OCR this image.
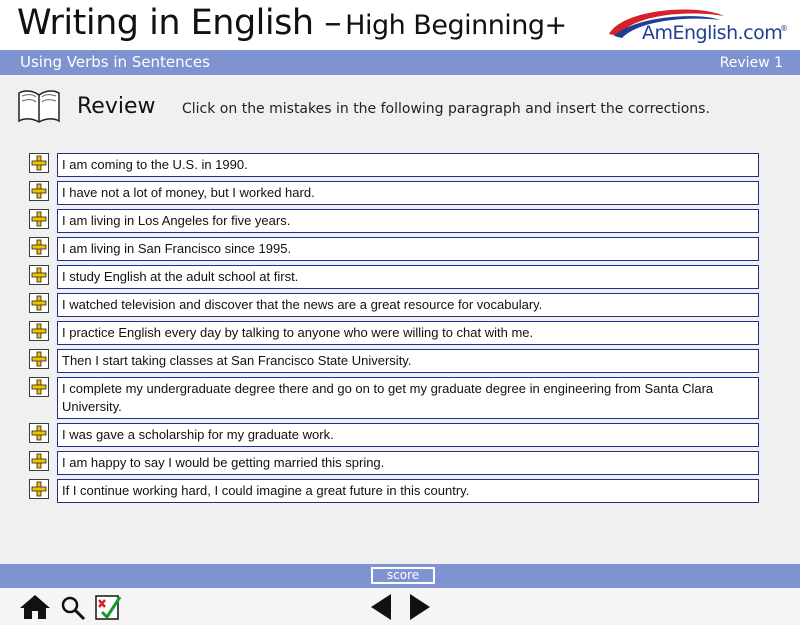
Writing in English – High Beginning+	AmEnglish.com
®
Using Verbs in Sentences	Review 1
Review Click on the mistakes in the following paragraph and insert the corrections.
I am coming to the U.S. in 1990.
I have not a lot of money, but I worked hard.
I am living in Los Angeles for five years.
I am living in San Francisco since 1995.
I study English at the adult school at first.
I watched television and discover that the news are a great resource for vocabulary.
I practice English every day by talking to anyone who were willing to chat with me.
Then I start taking classes at San Francisco State University.
I complete my undergraduate degree there and go on to get my graduate degree in engineering from Santa Clara University.
I was gave a scholarship for my graduate work.
I am happy to say I would be getting married this spring.
If I continue working hard, I could imagine a great future in this country.
score
